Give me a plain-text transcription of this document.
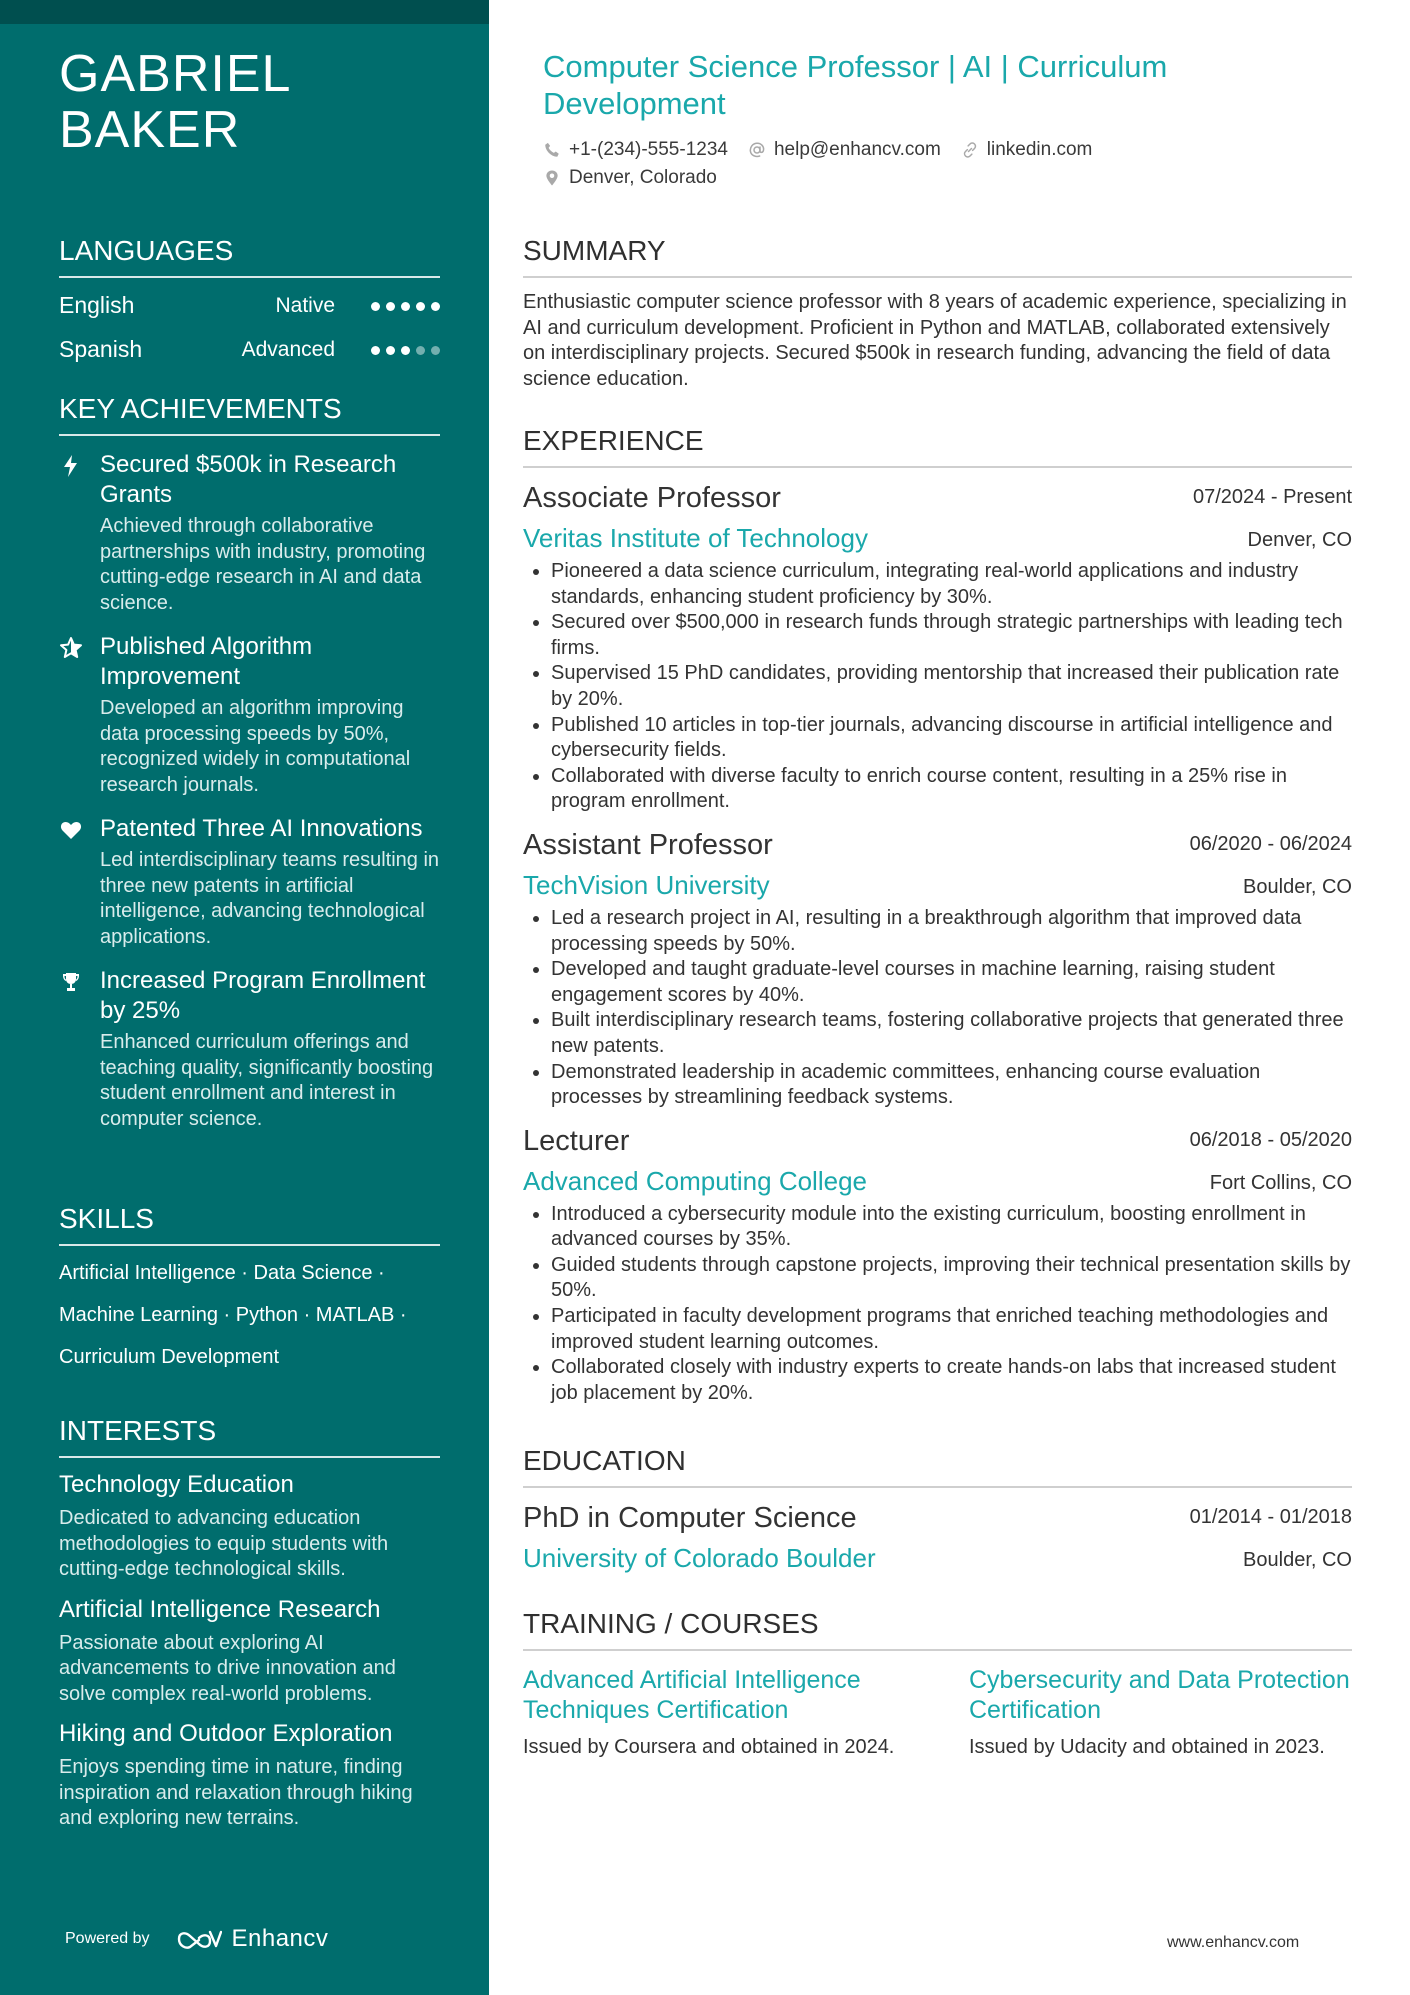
GABRIEL
BAKER
LANGUAGES
English	Native
Spanish	Advanced
KEY ACHIEVEMENTS
Secured $500k in Research Grants
Achieved through collaborative partnerships with industry, promoting cutting-edge research in AI and data science.
Published Algorithm Improvement
Developed an algorithm improving data processing speeds by 50%, recognized widely in computational research journals.
Patented Three AI Innovations
Led interdisciplinary teams resulting in three new patents in artificial intelligence, advancing technological applications.
Increased Program Enrollment by 25%
Enhanced curriculum offerings and teaching quality, significantly boosting student enrollment and interest in computer science.
SKILLS
Artificial Intelligence · Data Science ·
Machine Learning · Python · MATLAB ·
Curriculum Development
INTERESTS
Technology Education
Dedicated to advancing education methodologies to equip students with cutting-edge technological skills.
Artificial Intelligence Research
Passionate about exploring AI advancements to drive innovation and solve complex real-world problems.
Hiking and Outdoor Exploration
Enjoys spending time in nature, finding inspiration and relaxation through hiking and exploring new terrains.
Powered by	Enhancv
Computer Science Professor | AI | Curriculum Development
+1-(234)-555-1234 help@enhancv.com linkedin.com
Denver, Colorado
SUMMARY
Enthusiastic computer science professor with 8 years of academic experience, specializing in AI and curriculum development. Proficient in Python and MATLAB, collaborated extensively on interdisciplinary projects. Secured $500k in research funding, advancing the field of data science education.
EXPERIENCE
Associate Professor	07/2024 - Present
Veritas Institute of Technology	Denver, CO
• Pioneered a data science curriculum, integrating real-world applications and industry standards, enhancing student proficiency by 30%.
• Secured over $500,000 in research funds through strategic partnerships with leading tech firms.
• Supervised 15 PhD candidates, providing mentorship that increased their publication rate by 20%.
• Published 10 articles in top-tier journals, advancing discourse in artificial intelligence and cybersecurity fields.
• Collaborated with diverse faculty to enrich course content, resulting in a 25% rise in program enrollment.
Assistant Professor	06/2020 - 06/2024
TechVision University	Boulder, CO
• Led a research project in AI, resulting in a breakthrough algorithm that improved data processing speeds by 50%.
• Developed and taught graduate-level courses in machine learning, raising student engagement scores by 40%.
• Built interdisciplinary research teams, fostering collaborative projects that generated three new patents.
• Demonstrated leadership in academic committees, enhancing course evaluation processes by streamlining feedback systems.
Lecturer	06/2018 - 05/2020
Advanced Computing College	Fort Collins, CO
• Introduced a cybersecurity module into the existing curriculum, boosting enrollment in advanced courses by 35%.
• Guided students through capstone projects, improving their technical presentation skills by 50%.
• Participated in faculty development programs that enriched teaching methodologies and improved student learning outcomes.
• Collaborated closely with industry experts to create hands-on labs that increased student job placement by 20%.
EDUCATION
PhD in Computer Science	01/2014 - 01/2018
University of Colorado Boulder	Boulder, CO
TRAINING / COURSES
Advanced Artificial Intelligence Techniques Certification
Issued by Coursera and obtained in 2024.
Cybersecurity and Data Protection Certification
Issued by Udacity and obtained in 2023.
www.enhancv.com
